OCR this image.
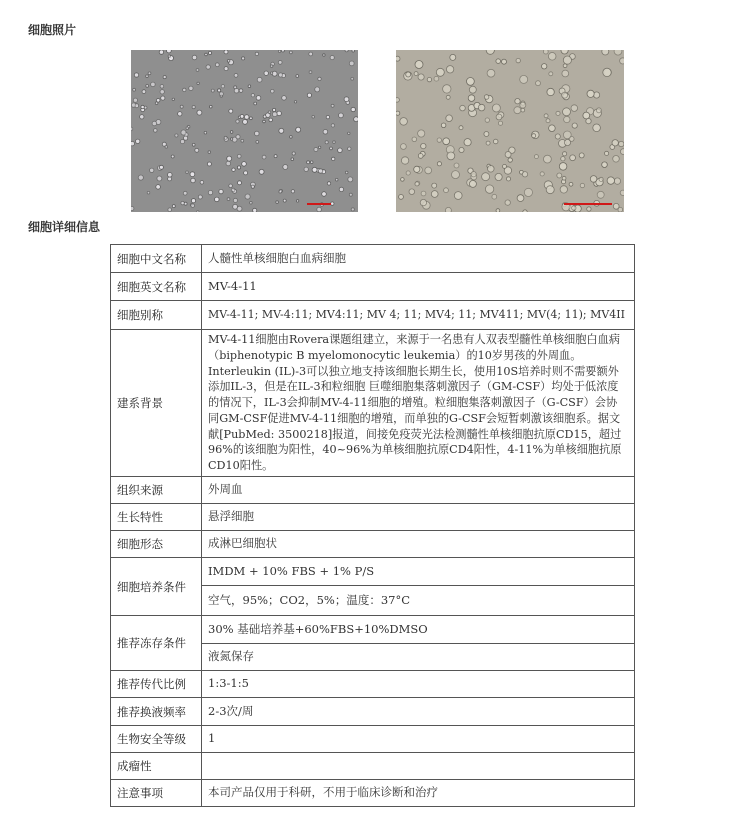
细胞照片
细胞详细信息
细胞中文名称	人髓性单核细胞白血病细胞
细胞英文名称	MV-4-11
细胞别称	MV-4-11; MV-4:11; MV4:11; MV 4; 11; MV4; 11; MV411; MV(4; 11); MV4II
建系背景	MV-4-11细胞由Rovera课题组建立，来源于一名患有人双表型髓性单核细胞白血病（biphenotypic B myelomonocytic leukemia）的10岁男孩的外周血。Interleukin (IL)-3可以独立地支持该细胞长期生长，使用10S培养时则不需要额外添加IL-3，但是在IL-3和粒细胞 巨噬细胞集落刺激因子（GM-CSF）均处于低浓度的情况下，IL-3会抑制MV-4-11细胞的增殖。粒细胞集落刺激因子（G-CSF）会协同GM-CSF促进MV-4-11细胞的增殖，而单独的G-CSF会短暂刺激该细胞系。据文献[PubMed: 3500218]报道，间接免疫荧光法检测髓性单核细胞抗原CD15，超过96%的该细胞为阳性，40~96%为单核细胞抗原CD4阳性，4-11%为单核细胞抗原CD10阳性。
组织来源	外周血
生长特性	悬浮细胞
细胞形态	成淋巴细胞状
细胞培养条件	IMDM + 10% FBS + 1% P/S
	空气，95%；CO2，5%；温度：37°C
推荐冻存条件	30% 基础培养基+60%FBS+10%DMSO
	液氮保存
推荐传代比例	1:3-1:5
推荐换液频率	2-3次/周
生物安全等级	1
成瘤性	
注意事项	本司产品仅用于科研，不用于临床诊断和治疗
